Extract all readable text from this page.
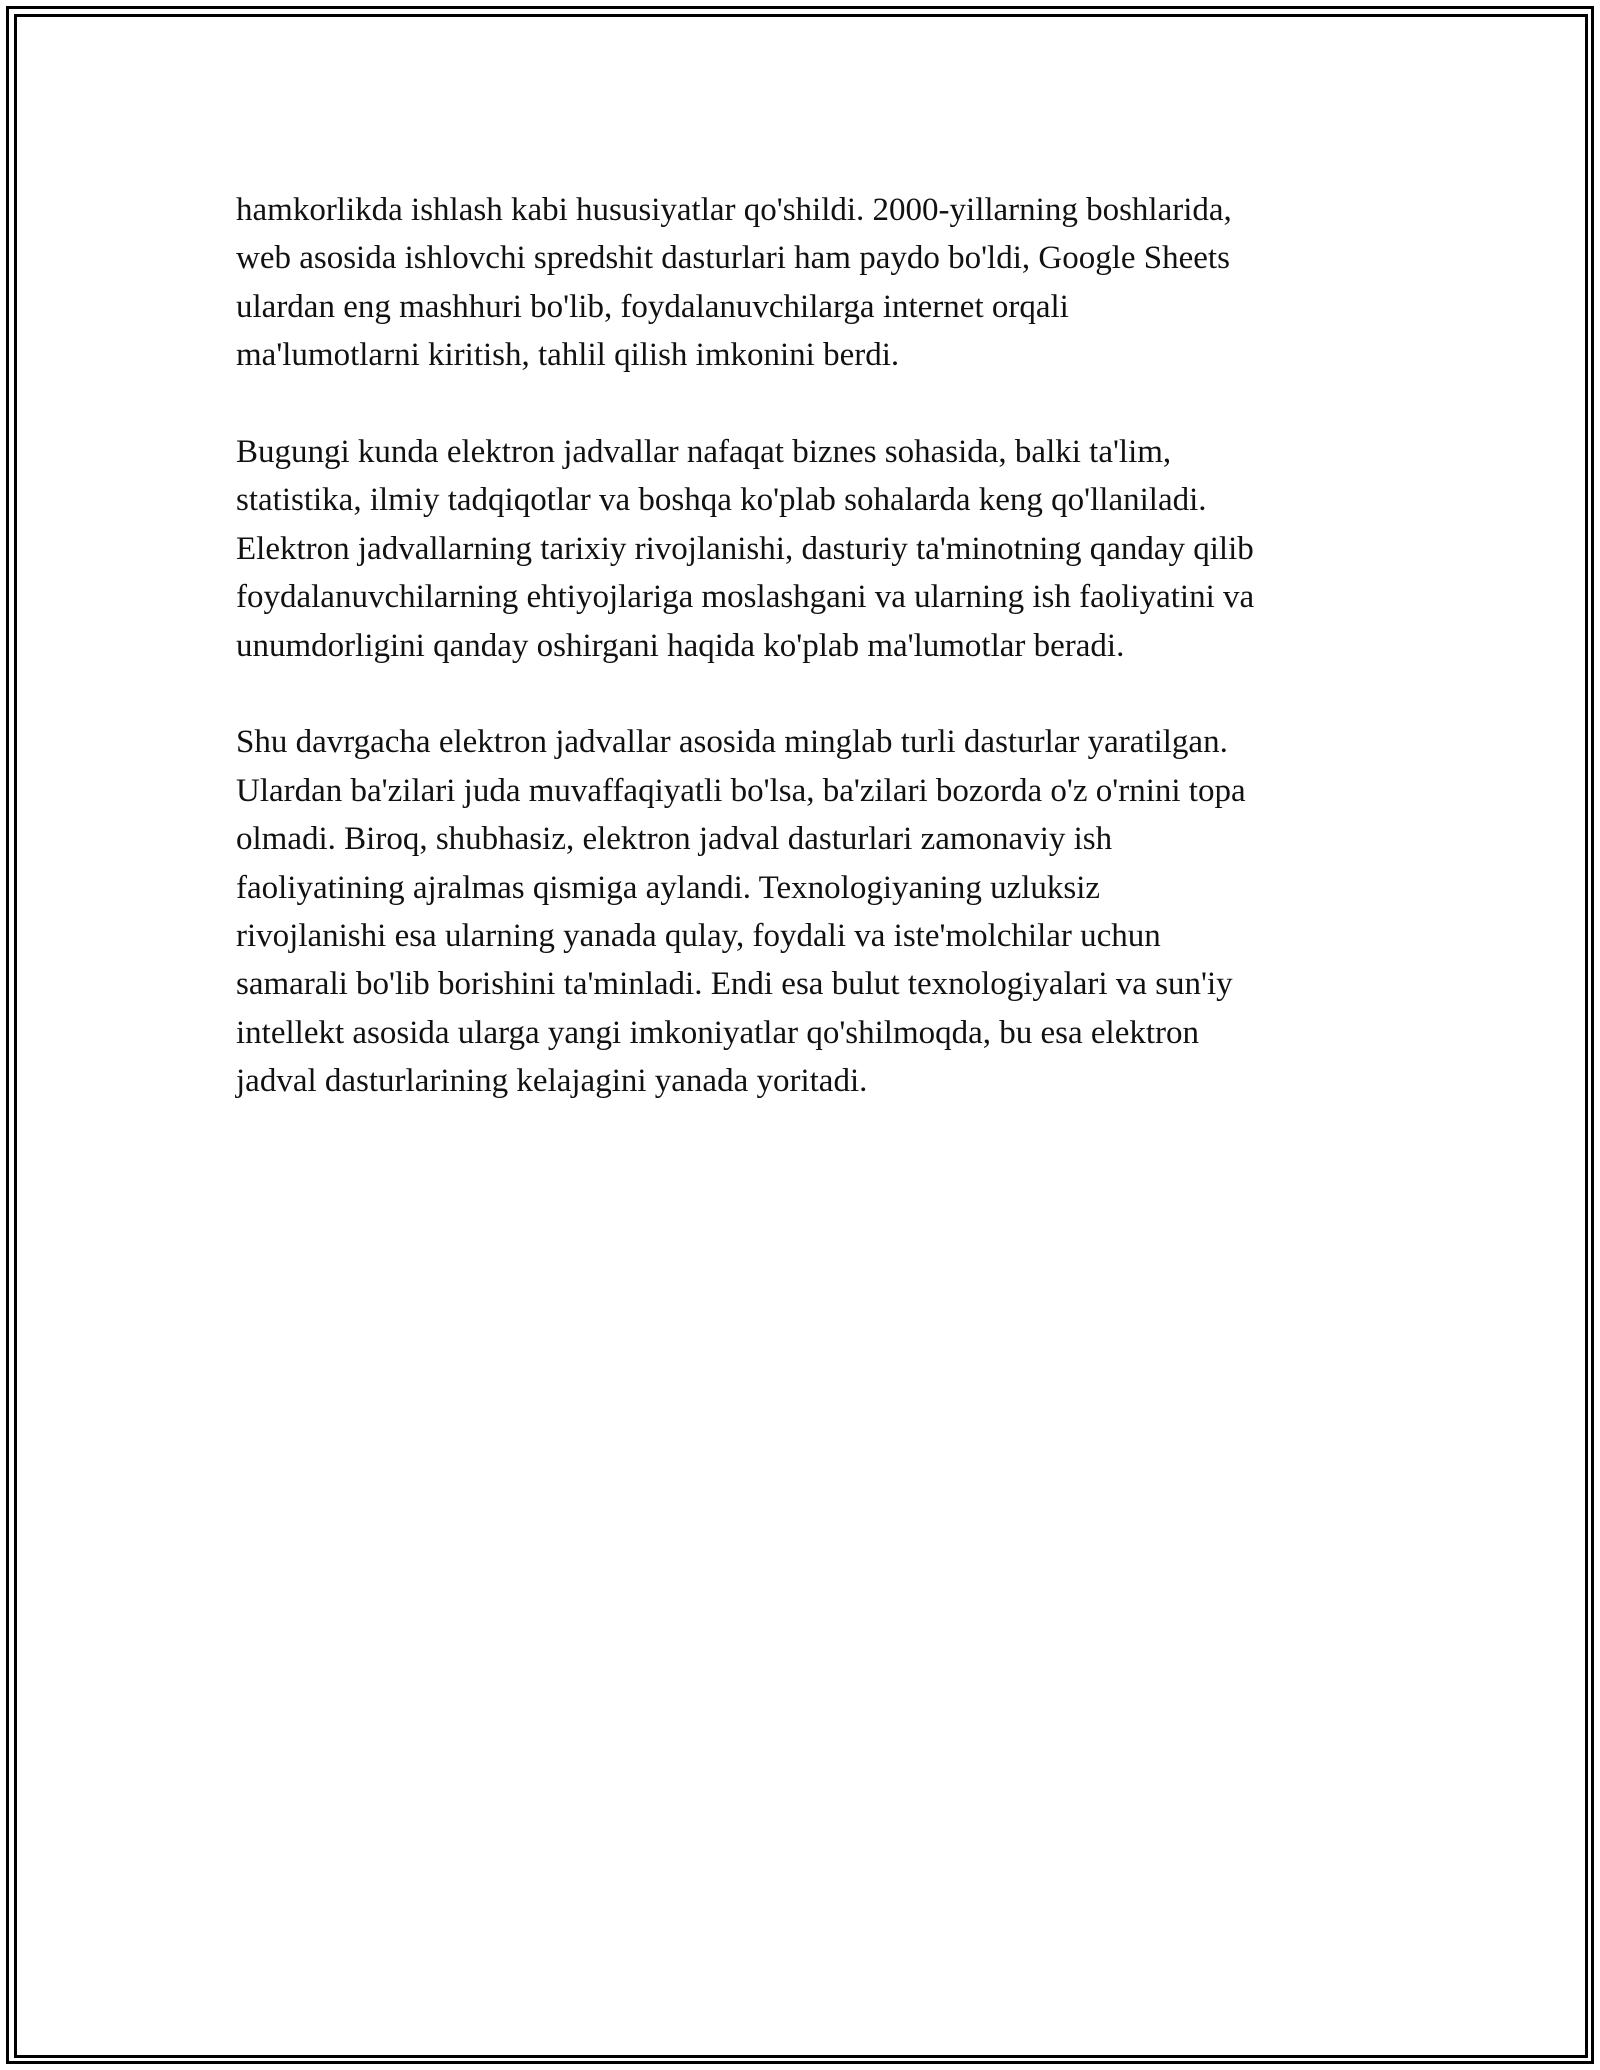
hamkorlikda ishlash kabi hususiyatlar qo'shildi. 2000-yillarning boshlarida,
web asosida ishlovchi spredshit dasturlari ham paydo bo'ldi, Google Sheets
ulardan eng mashhuri bo'lib, foydalanuvchilarga internet orqali
ma'lumotlarni kiritish, tahlil qilish imkonini berdi.

Bugungi kunda elektron jadvallar nafaqat biznes sohasida, balki ta'lim,
statistika, ilmiy tadqiqotlar va boshqa ko'plab sohalarda keng qo'llaniladi.
Elektron jadvallarning tarixiy rivojlanishi, dasturiy ta'minotning qanday qilib
foydalanuvchilarning ehtiyojlariga moslashgani va ularning ish faoliyatini va
unumdorligini qanday oshirgani haqida ko'plab ma'lumotlar beradi.

Shu davrgacha elektron jadvallar asosida minglab turli dasturlar yaratilgan.
Ulardan ba'zilari juda muvaffaqiyatli bo'lsa, ba'zilari bozorda o'z o'rnini topa
olmadi. Biroq, shubhasiz, elektron jadval dasturlari zamonaviy ish
faoliyatining ajralmas qismiga aylandi. Texnologiyaning uzluksiz
rivojlanishi esa ularning yanada qulay, foydali va iste'molchilar uchun
samarali bo'lib borishini ta'minladi. Endi esa bulut texnologiyalari va sun'iy
intellekt asosida ularga yangi imkoniyatlar qo'shilmoqda, bu esa elektron
jadval dasturlarining kelajagini yanada yoritadi.
